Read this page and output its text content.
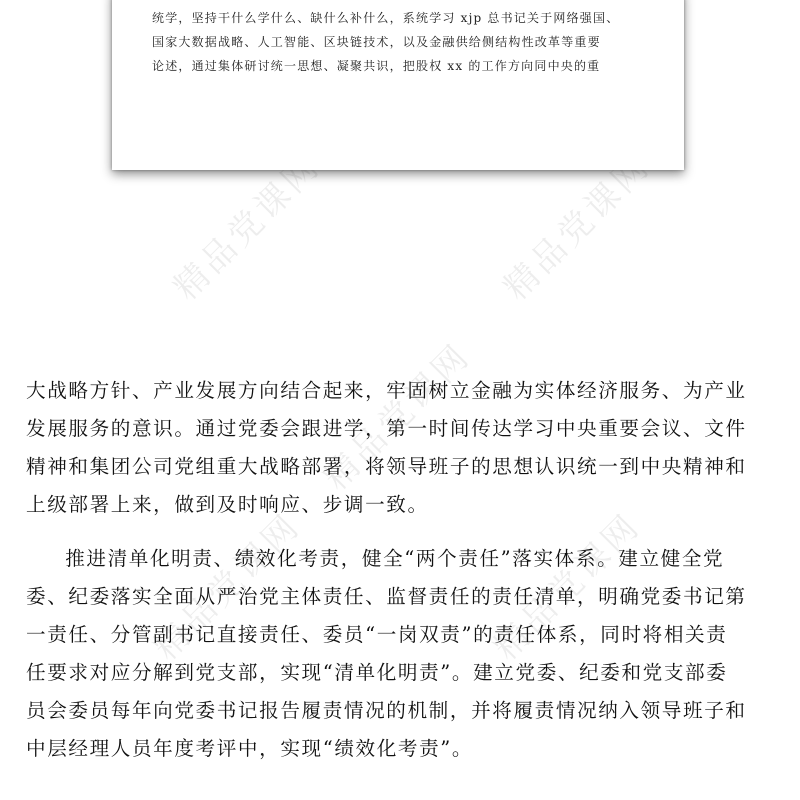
精品党课网	精品党课网
精品党课网
精品党课网	精品党课网
统学，坚持干什么学什么、缺什么补什么，系统学习 xjp 总书记关于网络强国、
国家大数据战略、人工智能、区块链技术，以及金融供给侧结构性改革等重要
论述，通过集体研讨统一思想、凝聚共识，把股权 xx 的工作方向同中央的重
大战略方针、产业发展方向结合起来，牢固树立金融为实体经济服务、为产业
发展服务的意识。通过党委会跟进学，第一时间传达学习中央重要会议、文件
精神和集团公司党组重大战略部署，将领导班子的思想认识统一到中央精神和
上级部署上来，做到及时响应、步调一致。
推进清单化明责、绩效化考责，健全“两个责任”落实体系。建立健全党
委、纪委落实全面从严治党主体责任、监督责任的责任清单，明确党委书记第
一责任、分管副书记直接责任、委员“一岗双责”的责任体系，同时将相关责
任要求对应分解到党支部，实现“清单化明责”。建立党委、纪委和党支部委
员会委员每年向党委书记报告履责情况的机制，并将履责情况纳入领导班子和
中层经理人员年度考评中，实现“绩效化考责”。
